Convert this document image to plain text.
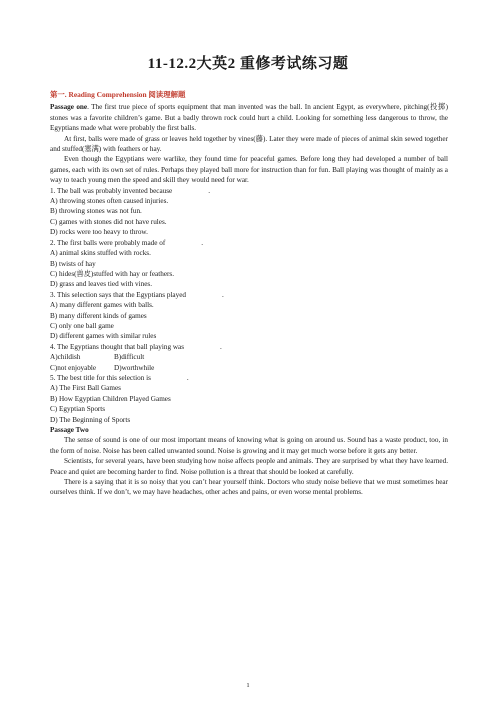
11-12.2大英2 重修考试练习题

第一. Reading Comprehension 阅读理解题

Passage one. The first true piece of sports equipment that man invented was the ball. In ancient Egypt, as everywhere, pitching(投掷) stones was a favorite children’s game. But a badly thrown rock could hurt a child. Looking for something less dangerous to throw, the Egyptians made what were probably the first balls.

At first, balls were made of grass or leaves held together by vines(藤). Later they were made of pieces of animal skin sewed together and stuffed(塞满) with feathers or hay.

Even though the Egyptians were warlike, they found time for peaceful games. Before long they had developed a number of ball games, each with its own set of rules. Perhaps they played ball more for instruction than for fun. Ball playing was thought of mainly as a way to teach young men the speed and skill they would need for war.

1. The ball was probably invented because	.

A) throwing stones often caused injuries.

B) throwing stones was not fun.

C) games with stones did not have rules.

D) rocks were too heavy to throw.

2. The first balls were probably made of	.

A) animal skins stuffed with rocks.

B) twists of hay

C) hides(兽皮)stuffed with hay or feathers.

D) grass and leaves tied with vines.

3. This selection says that the Egyptians played	.

A) many different games with balls.

B) many different kinds of games

C) only one ball game

D) different games with similar rules

4. The Egyptians thought that ball playing was	.

A)childish	B)difficult

C)not enjoyable	D)worthwhile

5. The best title for this selection is	.

A) The First Ball Games

B) How Egyptian Children Played Games

C) Egyptian Sports

D) The Beginning of Sports

Passage Two

The sense of sound is one of our most important means of knowing what is going on around us. Sound has a waste product, too, in the form of noise. Noise has been called unwanted sound. Noise is growing and it may get much worse before it gets any better.

Scientists, for several years, have been studying how noise affects people and animals. They are surprised by what they have learned. Peace and quiet are becoming harder to find. Noise pollution is a threat that should be looked at carefully.

There is a saying that it is so noisy that you can’t hear yourself think. Doctors who study noise believe that we must sometimes hear ourselves think. If we don’t, we may have headaches, other aches and pains, or even worse mental problems.

1
